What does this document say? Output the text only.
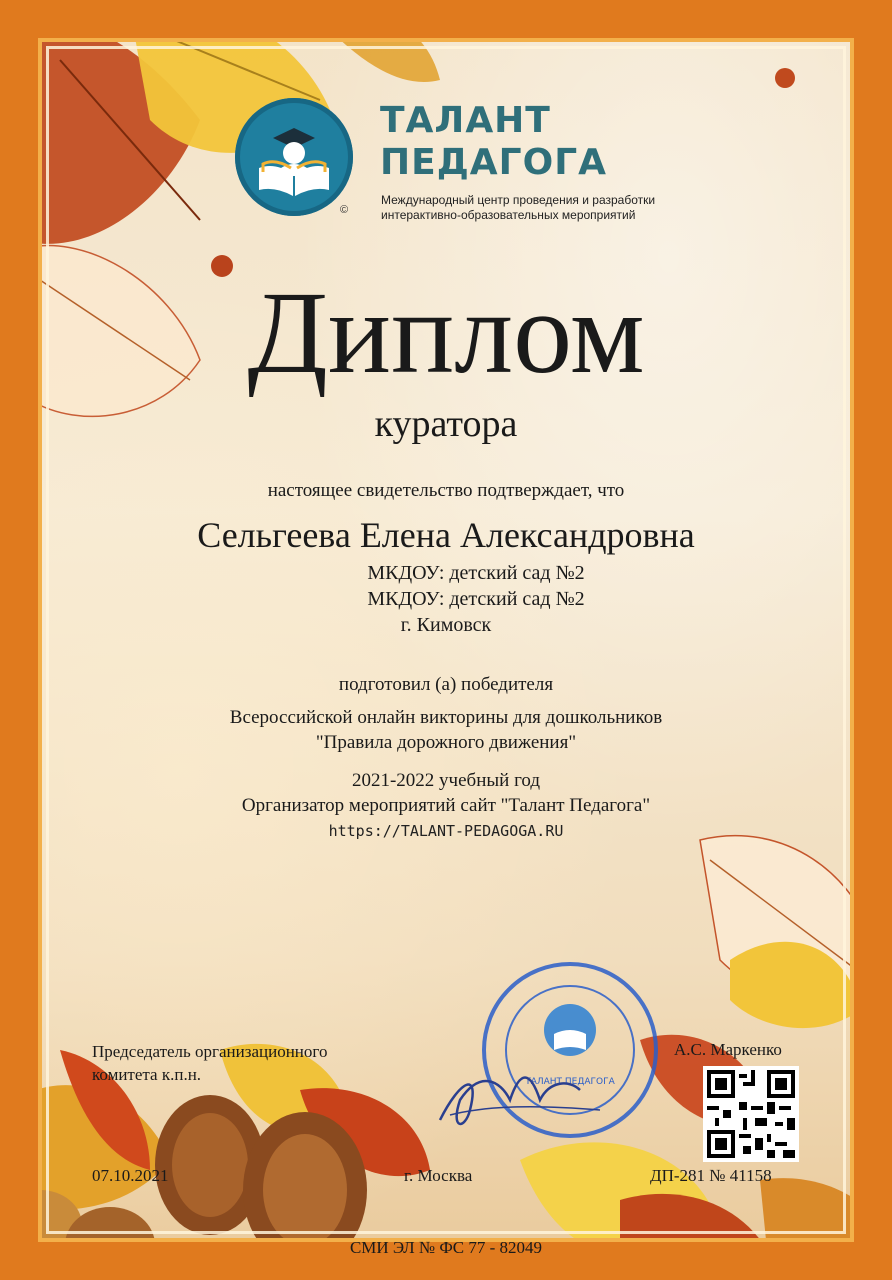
ТАЛАНТ
ПЕДАГОГА
©
Международный центр проведения и разработки
интерактивно-образовательных мероприятий
Диплом
куратора
настоящее свидетельство подтверждает, что
Сельгеева Елена Александровна
МКДОУ: детский сад №2
МКДОУ: детский сад №2
г. Кимовск
подготовил (а) победителя
Всероссийской онлайн викторины для дошкольников
"Правила дорожного движения"
2021-2022 учебный год
Организатор мероприятий сайт "Талант Педагога"
https://TALANT-PEDAGOGA.RU
ТАЛАНТ ПЕДАГОГА
Председатель организационного
комитета к.п.н.
А.С. Маркенко
07.10.2021	г. Москва	ДП-281 № 41158
СМИ ЭЛ № ФС 77 - 82049
